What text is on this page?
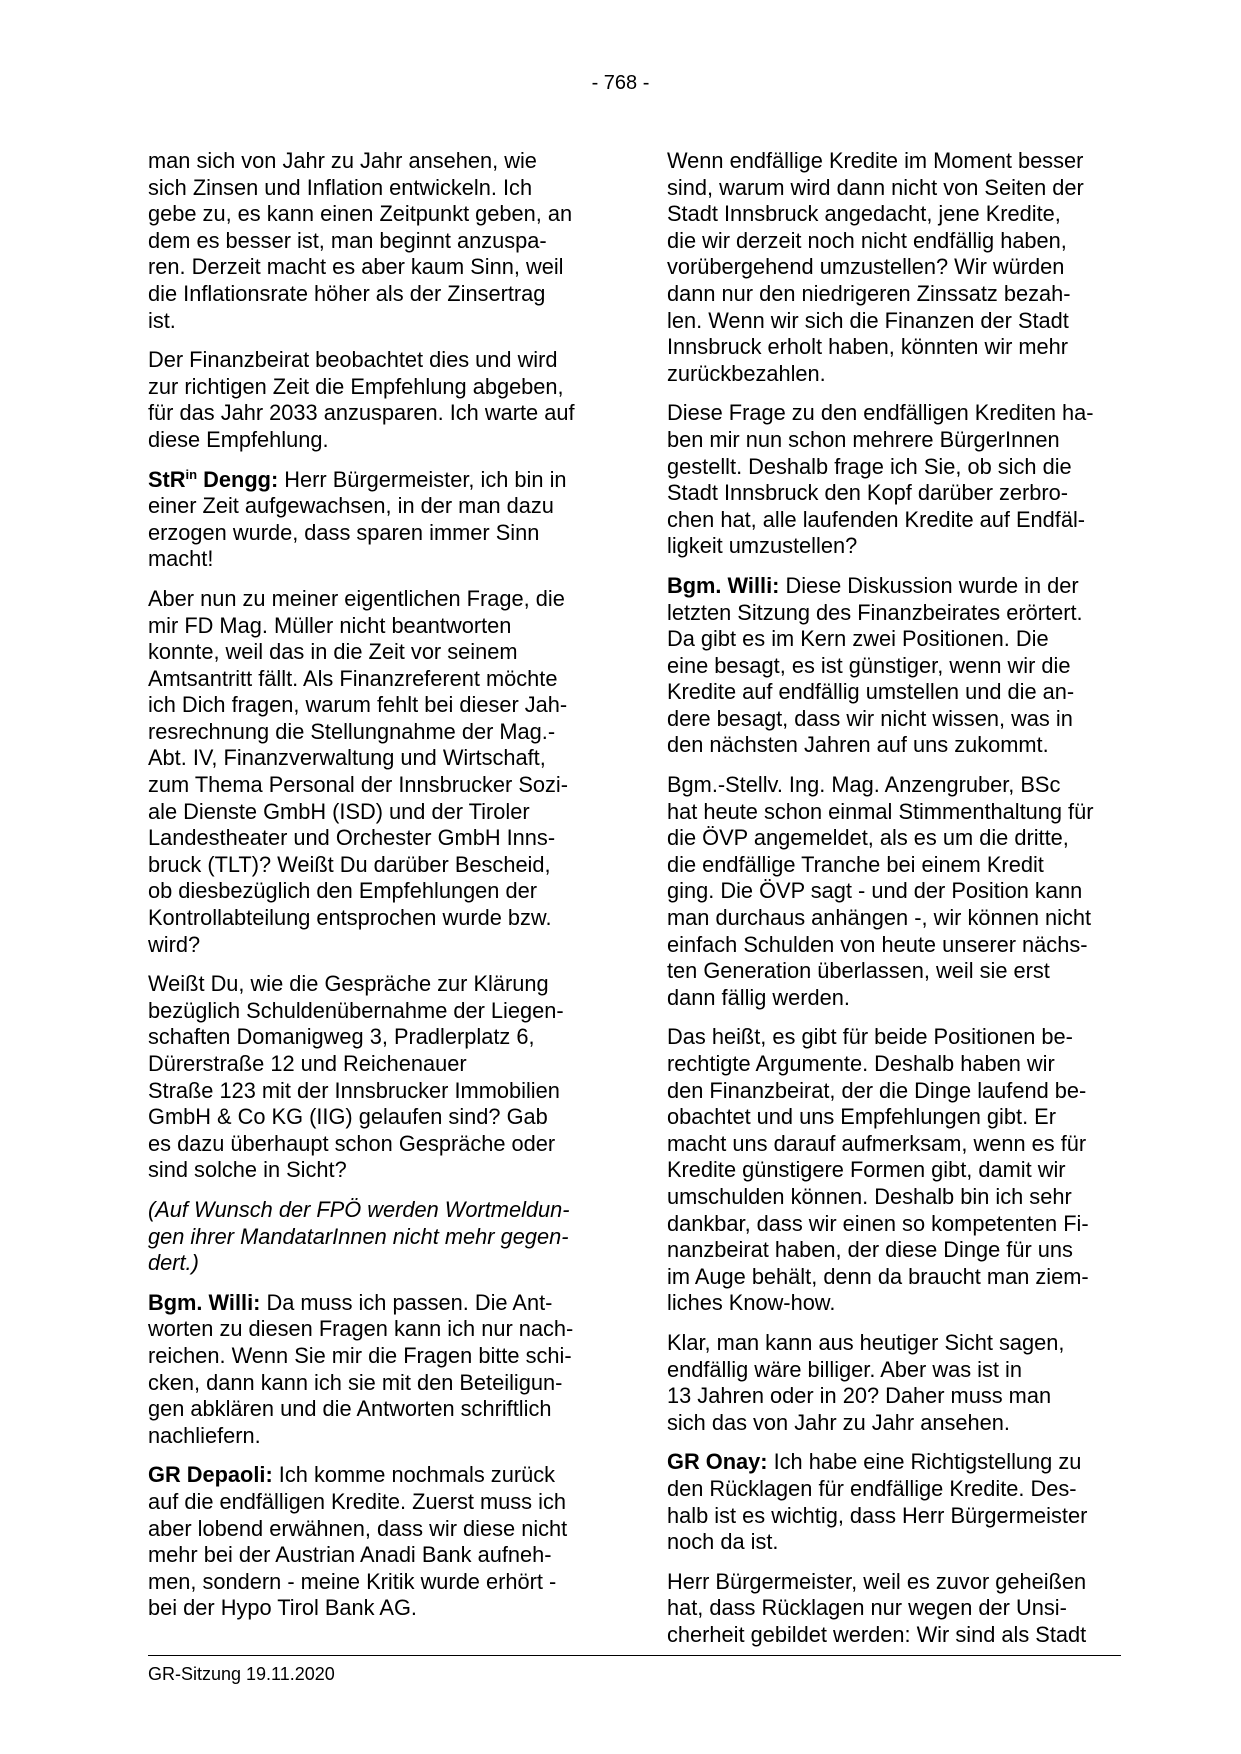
- 768 -

man sich von Jahr zu Jahr ansehen, wie
sich Zinsen und Inflation entwickeln. Ich
gebe zu, es kann einen Zeitpunkt geben, an
dem es besser ist, man beginnt anzuspa-
ren. Derzeit macht es aber kaum Sinn, weil
die Inflationsrate höher als der Zinsertrag
ist.

Der Finanzbeirat beobachtet dies und wird
zur richtigen Zeit die Empfehlung abgeben,
für das Jahr 2033 anzusparen. Ich warte auf
diese Empfehlung.

StR$^{in}$ Dengg: Herr Bürgermeister, ich bin in
einer Zeit aufgewachsen, in der man dazu
erzogen wurde, dass sparen immer Sinn
macht!

Aber nun zu meiner eigentlichen Frage, die
mir FD Mag. Müller nicht beantworten
konnte, weil das in die Zeit vor seinem
Amtsantritt fällt. Als Finanzreferent möchte
ich Dich fragen, warum fehlt bei dieser Jah-
resrechnung die Stellungnahme der Mag.-
Abt. IV, Finanzverwaltung und Wirtschaft,
zum Thema Personal der Innsbrucker Sozi-
ale Dienste GmbH (ISD) und der Tiroler
Landestheater und Orchester GmbH Inns-
bruck (TLT)? Weißt Du darüber Bescheid,
ob diesbezüglich den Empfehlungen der
Kontrollabteilung entsprochen wurde bzw.
wird?

Weißt Du, wie die Gespräche zur Klärung
bezüglich Schuldenübernahme der Liegen-
schaften Domanigweg 3, Pradlerplatz 6,
Dürerstraße 12 und Reichenauer
Straße 123 mit der Innsbrucker Immobilien
GmbH & Co KG (IIG) gelaufen sind? Gab
es dazu überhaupt schon Gespräche oder
sind solche in Sicht?

(Auf Wunsch der FPÖ werden Wortmeldun-
gen ihrer MandatarInnen nicht mehr gegen-
dert.)

Bgm. Willi: Da muss ich passen. Die Ant-
worten zu diesen Fragen kann ich nur nach-
reichen. Wenn Sie mir die Fragen bitte schi-
cken, dann kann ich sie mit den Beteiligun-
gen abklären und die Antworten schriftlich
nachliefern.

GR Depaoli: Ich komme nochmals zurück
auf die endfälligen Kredite. Zuerst muss ich
aber lobend erwähnen, dass wir diese nicht
mehr bei der Austrian Anadi Bank aufneh-
men, sondern - meine Kritik wurde erhört -
bei der Hypo Tirol Bank AG.

Wenn endfällige Kredite im Moment besser
sind, warum wird dann nicht von Seiten der
Stadt Innsbruck angedacht, jene Kredite,
die wir derzeit noch nicht endfällig haben,
vorübergehend umzustellen? Wir würden
dann nur den niedrigeren Zinssatz bezah-
len. Wenn wir sich die Finanzen der Stadt
Innsbruck erholt haben, könnten wir mehr
zurückbezahlen.

Diese Frage zu den endfälligen Krediten ha-
ben mir nun schon mehrere BürgerInnen
gestellt. Deshalb frage ich Sie, ob sich die
Stadt Innsbruck den Kopf darüber zerbro-
chen hat, alle laufenden Kredite auf Endfäl-
ligkeit umzustellen?

Bgm. Willi: Diese Diskussion wurde in der
letzten Sitzung des Finanzbeirates erörtert.
Da gibt es im Kern zwei Positionen. Die
eine besagt, es ist günstiger, wenn wir die
Kredite auf endfällig umstellen und die an-
dere besagt, dass wir nicht wissen, was in
den nächsten Jahren auf uns zukommt.

Bgm.-Stellv. Ing. Mag. Anzengruber, BSc
hat heute schon einmal Stimmenthaltung für
die ÖVP angemeldet, als es um die dritte,
die endfällige Tranche bei einem Kredit
ging. Die ÖVP sagt - und der Position kann
man durchaus anhängen -, wir können nicht
einfach Schulden von heute unserer nächs-
ten Generation überlassen, weil sie erst
dann fällig werden.

Das heißt, es gibt für beide Positionen be-
rechtigte Argumente. Deshalb haben wir
den Finanzbeirat, der die Dinge laufend be-
obachtet und uns Empfehlungen gibt. Er
macht uns darauf aufmerksam, wenn es für
Kredite günstigere Formen gibt, damit wir
umschulden können. Deshalb bin ich sehr
dankbar, dass wir einen so kompetenten Fi-
nanzbeirat haben, der diese Dinge für uns
im Auge behält, denn da braucht man ziem-
liches Know-how.

Klar, man kann aus heutiger Sicht sagen,
endfällig wäre billiger. Aber was ist in
13 Jahren oder in 20? Daher muss man
sich das von Jahr zu Jahr ansehen.

GR Onay: Ich habe eine Richtigstellung zu
den Rücklagen für endfällige Kredite. Des-
halb ist es wichtig, dass Herr Bürgermeister
noch da ist.

Herr Bürgermeister, weil es zuvor geheißen
hat, dass Rücklagen nur wegen der Unsi-
cherheit gebildet werden: Wir sind als Stadt

GR-Sitzung 19.11.2020
